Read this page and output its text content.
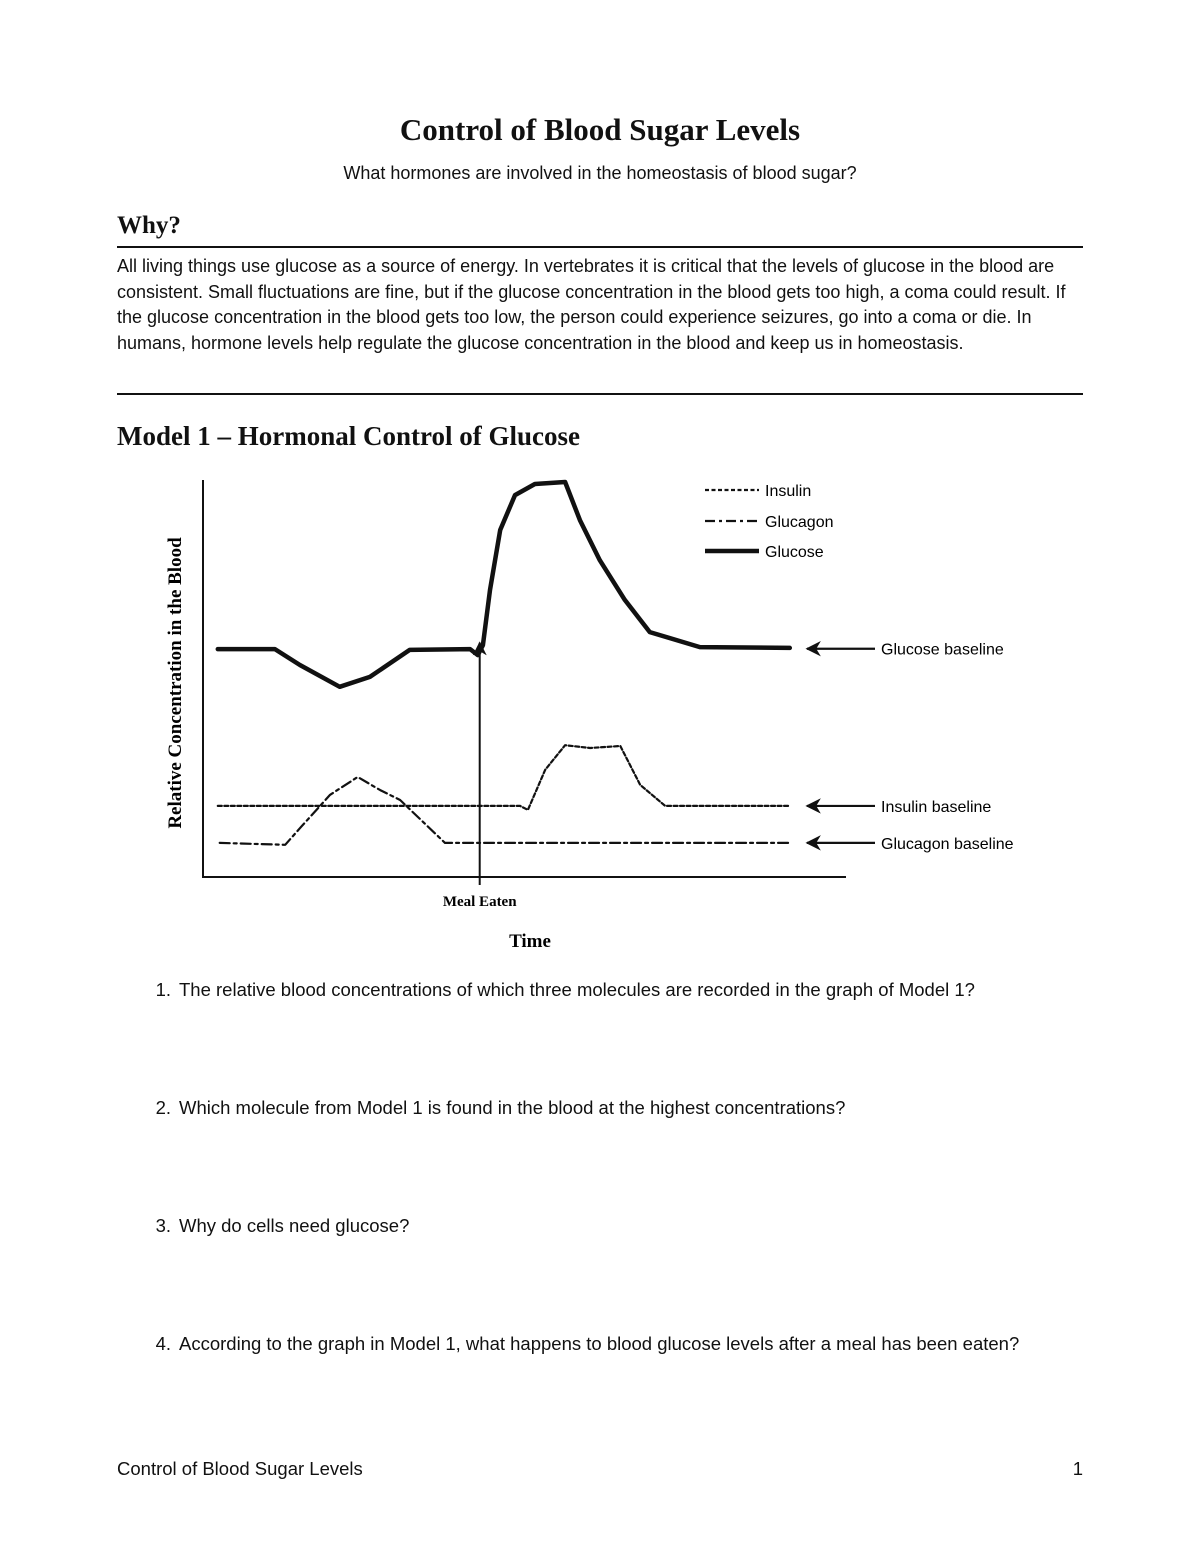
Control of Blood Sugar Levels
What hormones are involved in the homeostasis of blood sugar?
Why?

All living things use glucose as a source of energy. In vertebrates it is critical that the levels of glucose in the blood are consistent. Small fluctuations are fine, but if the glucose concentration in the blood gets too high, a coma could result. If the glucose concentration in the blood gets too low, the person could experience seizures, go into a coma or die. In humans, hormone levels help regulate the glucose concentration in the blood and keep us in homeostasis.

Model 1 – Hormonal Control of Glucose
Meal Eaten
Glucose baseline
Insulin baseline
Glucagon baseline
Relative Concentration in the Blood
Time
Insulin
Glucagon
Glucose
1. The relative blood concentrations of which three molecules are recorded in the graph of Model 1?
2. Which molecule from Model 1 is found in the blood at the highest concentrations?
3. Why do cells need glucose?
4. According to the graph in Model 1, what happens to blood glucose levels after a meal has been eaten?
Control of Blood Sugar Levels	1
